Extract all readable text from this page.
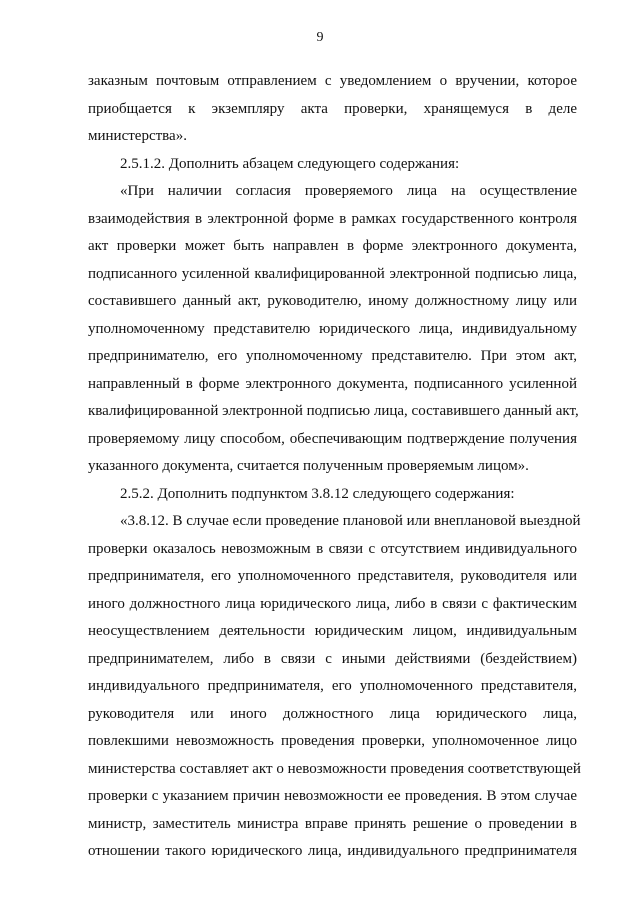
9

заказным почтовым отправлением с уведомлением о вручении, которое
приобщается к экземпляру акта проверки, хранящемуся в деле
министерства».

2.5.1.2. Дополнить абзацем следующего содержания:

«При наличии согласия проверяемого лица на осуществление
взаимодействия в электронной форме в рамках государственного контроля
акт проверки может быть направлен в форме электронного документа,
подписанного усиленной квалифицированной электронной подписью лица,
составившего данный акт, руководителю, иному должностному лицу или
уполномоченному представителю юридического лица, индивидуальному
предпринимателю, его уполномоченному представителю. При этом акт,
направленный в форме электронного документа, подписанного усиленной
квалифицированной электронной подписью лица, составившего данный акт,
проверяемому лицу способом, обеспечивающим подтверждение получения
указанного документа, считается полученным проверяемым лицом».

2.5.2. Дополнить подпунктом 3.8.12 следующего содержания:

«3.8.12. В случае если проведение плановой или внеплановой выездной
проверки оказалось невозможным в связи с отсутствием индивидуального
предпринимателя, его уполномоченного представителя, руководителя или
иного должностного лица юридического лица, либо в связи с фактическим
неосуществлением деятельности юридическим лицом, индивидуальным
предпринимателем, либо в связи с иными действиями (бездействием)
индивидуального предпринимателя, его уполномоченного представителя,
руководителя или иного должностного лица юридического лица,
повлекшими невозможность проведения проверки, уполномоченное лицо
министерства составляет акт о невозможности проведения соответствующей
проверки с указанием причин невозможности ее проведения. В этом случае
министр, заместитель министра вправе принять решение о проведении в
отношении такого юридического лица, индивидуального предпринимателя
